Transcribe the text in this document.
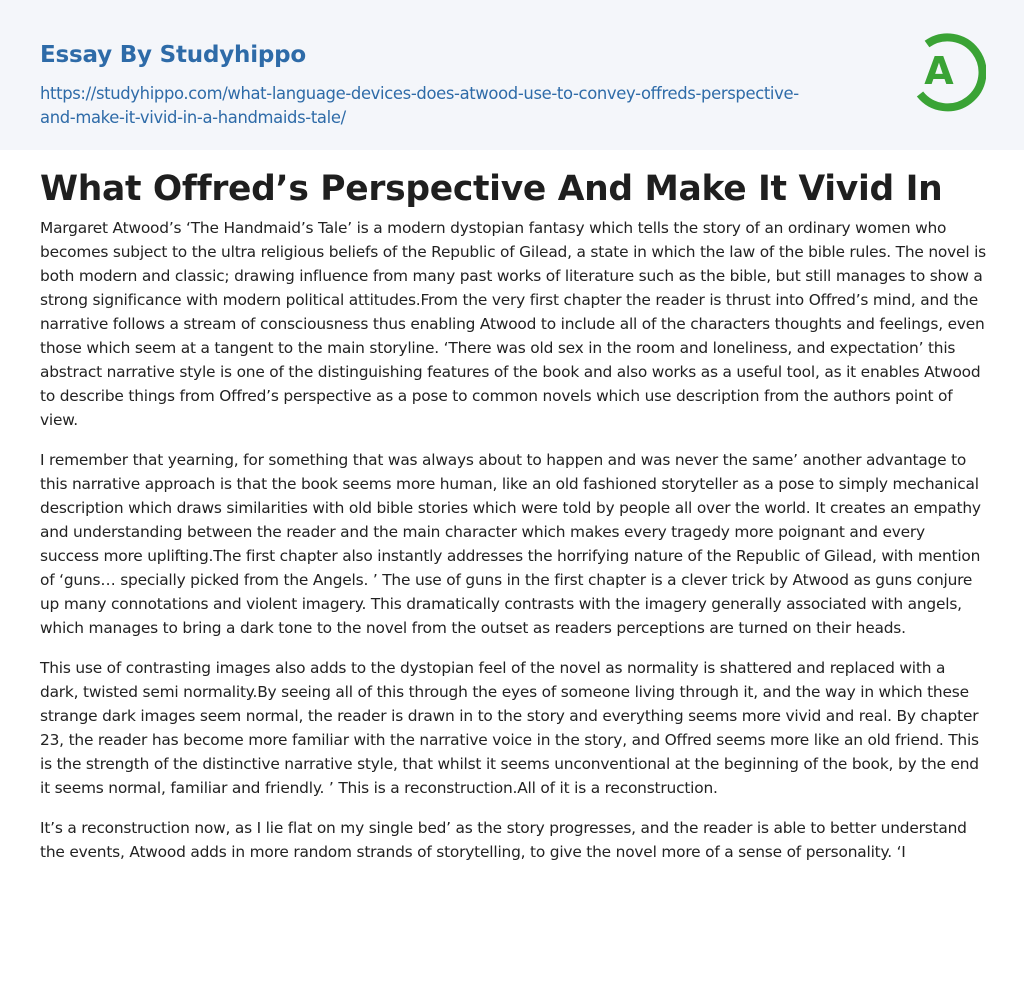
Essay By Studyhippo
https://studyhippo.com/what-language-devices-does-atwood-use-to-convey-offreds-perspective-and-make-it-vivid-in-a-handmaids-tale/
A
What Offred’s Perspective And Make It Vivid In

Margaret Atwood’s ‘The Handmaid’s Tale’ is a modern dystopian fantasy which tells the story of an ordinary women who becomes subject to the ultra religious beliefs of the Republic of Gilead, a state in which the law of the bible rules. The novel is both modern and classic; drawing influence from many past works of literature such as the bible, but still manages to show a strong significance with modern political attitudes.From the very first chapter the reader is thrust into Offred’s mind, and the narrative follows a stream of consciousness thus enabling Atwood to include all of the characters thoughts and feelings, even those which seem at a tangent to the main storyline. ‘There was old sex in the room and loneliness, and expectation’ this abstract narrative style is one of the distinguishing features of the book and also works as a useful tool, as it enables Atwood to describe things from Offred’s perspective as a pose to common novels which use description from the authors point of view.

I remember that yearning, for something that was always about to happen and was never the same’ another advantage to this narrative approach is that the book seems more human, like an old fashioned storyteller as a pose to simply mechanical description which draws similarities with old bible stories which were told by people all over the world. It creates an empathy and understanding between the reader and the main character which makes every tragedy more poignant and every success more uplifting.The first chapter also instantly addresses the horrifying nature of the Republic of Gilead, with mention of ‘guns… specially picked from the Angels. ’ The use of guns in the first chapter is a clever trick by Atwood as guns conjure up many connotations and violent imagery. This dramatically contrasts with the imagery generally associated with angels, which manages to bring a dark tone to the novel from the outset as readers perceptions are turned on their heads.

This use of contrasting images also adds to the dystopian feel of the novel as normality is shattered and replaced with a dark, twisted semi normality.By seeing all of this through the eyes of someone living through it, and the way in which these strange dark images seem normal, the reader is drawn in to the story and everything seems more vivid and real. By chapter 23, the reader has become more familiar with the narrative voice in the story, and Offred seems more like an old friend. This is the strength of the distinctive narrative style, that whilst it seems unconventional at the beginning of the book, by the end it seems normal, familiar and friendly. ’ This is a reconstruction.All of it is a reconstruction.

It’s a reconstruction now, as I lie flat on my single bed’ as the story progresses, and the reader is able to better understand the events, Atwood adds in more random strands of storytelling, to give the novel more of a sense of personality. ‘I
